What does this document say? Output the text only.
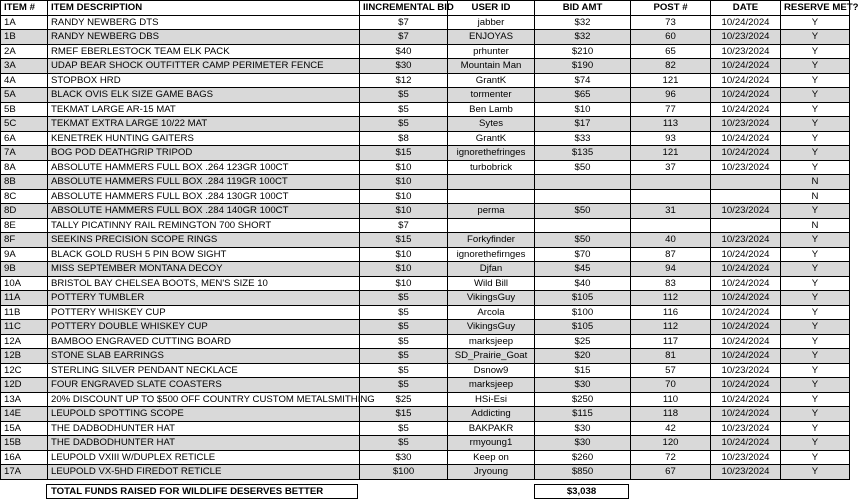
ITEM #	ITEM DESCRIPTION	IINCREMENTAL BID	USER ID	BID AMT	POST #	DATE	RESERVE MET?
1A	RANDY NEWBERG DTS	$7	jabber	$32	73	10/24/2024	Y
1B	RANDY NEWBERG DBS	$7	ENJOYAS	$32	60	10/23/2024	Y
2A	RMEF EBERLESTOCK TEAM ELK PACK	$40	prhunter	$210	65	10/23/2024	Y
3A	UDAP BEAR SHOCK OUTFITTER CAMP PERIMETER FENCE	$30	Mountain Man	$190	82	10/24/2024	Y
4A	STOPBOX HRD	$12	GrantK	$74	121	10/24/2024	Y
5A	BLACK OVIS ELK SIZE GAME BAGS	$5	tormenter	$65	96	10/24/2024	Y
5B	TEKMAT LARGE AR-15 MAT	$5	Ben Lamb	$10	77	10/24/2024	Y
5C	TEKMAT EXTRA LARGE 10/22 MAT	$5	Sytes	$17	113	10/23/2024	Y
6A	KENETREK HUNTING GAITERS	$8	GrantK	$33	93	10/24/2024	Y
7A	BOG POD DEATHGRIP TRIPOD	$15	ignorethefringes	$135	121	10/24/2024	Y
8A	ABSOLUTE HAMMERS FULL BOX .264 123GR 100CT	$10	turbobrick	$50	37	10/23/2024	Y
8B	ABSOLUTE HAMMERS FULL BOX .284 119GR 100CT	$10					N
8C	ABSOLUTE HAMMERS FULL BOX .284 130GR 100CT	$10					N
8D	ABSOLUTE HAMMERS FULL BOX .284 140GR 100CT	$10	perma	$50	31	10/23/2024	Y
8E	TALLY PICATINNY RAIL REMINGTON 700 SHORT	$7					N
8F	SEEKINS PRECISION SCOPE RINGS	$15	Forkyfinder	$50	40	10/23/2024	Y
9A	BLACK GOLD RUSH 5 PIN BOW SIGHT	$10	ignorethefirnges	$70	87	10/24/2024	Y
9B	MISS SEPTEMBER MONTANA DECOY	$10	Djfan	$45	94	10/24/2024	Y
10A	BRISTOL BAY CHELSEA BOOTS, MEN'S SIZE 10	$10	Wild Bill	$40	83	10/24/2024	Y
11A	POTTERY TUMBLER	$5	VikingsGuy	$105	112	10/24/2024	Y
11B	POTTERY WHISKEY CUP	$5	Arcola	$100	116	10/24/2024	Y
11C	POTTERY DOUBLE WHISKEY CUP	$5	VikingsGuy	$105	112	10/24/2024	Y
12A	BAMBOO ENGRAVED CUTTING BOARD	$5	marksjeep	$25	117	10/24/2024	Y
12B	STONE SLAB EARRINGS	$5	SD_Prairie_Goat	$20	81	10/24/2024	Y
12C	STERLING SILVER PENDANT NECKLACE	$5	Dsnow9	$15	57	10/23/2024	Y
12D	FOUR ENGRAVED SLATE COASTERS	$5	marksjeep	$30	70	10/24/2024	Y
13A	20% DISCOUNT UP TO $500 OFF COUNTRY CUSTOM METALSMITHING	$25	HSi-Esi	$250	110	10/24/2024	Y
14E	LEUPOLD SPOTTING SCOPE	$15	Addicting	$115	118	10/24/2024	Y
15A	THE DADBODHUNTER HAT	$5	BAKPAKR	$30	42	10/23/2024	Y
15B	THE DADBODHUNTER HAT	$5	rmyoung1	$30	120	10/24/2024	Y
16A	LEUPOLD VXIII W/DUPLEX RETICLE	$30	Keep on	$260	72	10/23/2024	Y
17A	LEUPOLD VX-5HD FIREDOT RETICLE	$100	Jryoung	$850	67	10/23/2024	Y
TOTAL FUNDS RAISED FOR WILDLIFE DESERVES BETTER	$3,038
